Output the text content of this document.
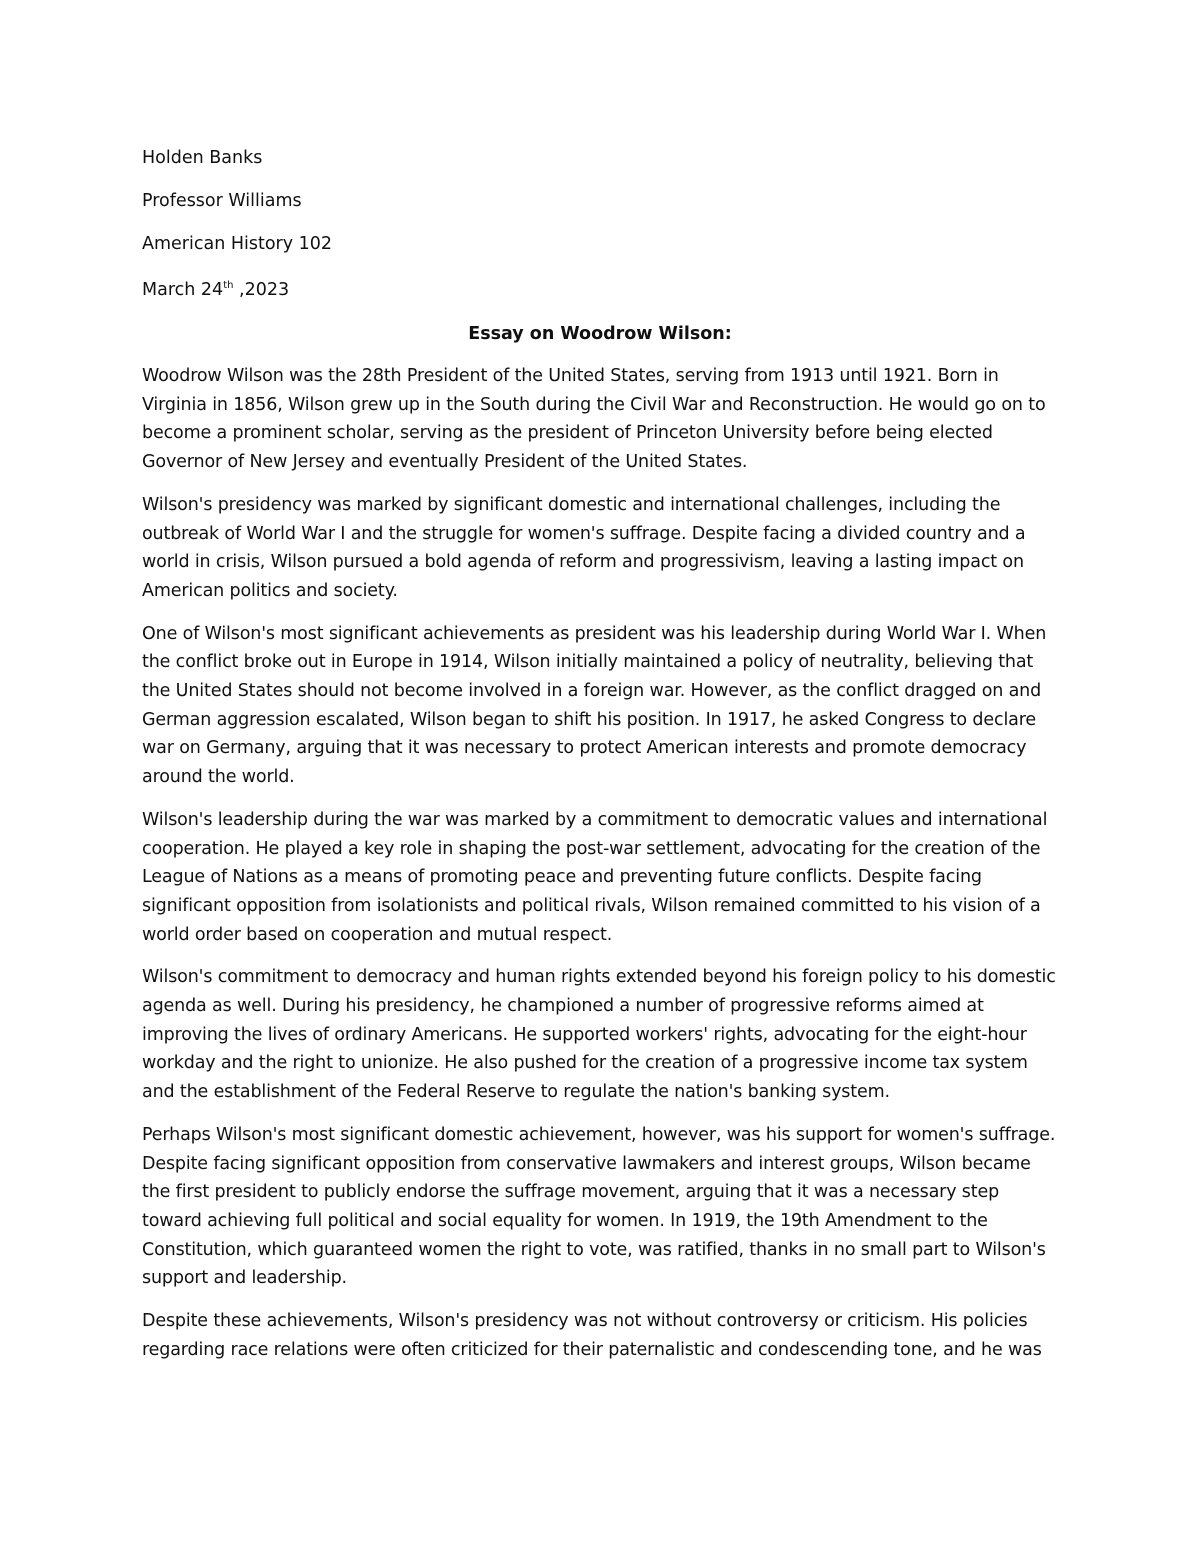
Holden Banks

Professor Williams

American History 102

March 24th ,2023

Essay on Woodrow Wilson:

Woodrow Wilson was the 28th President of the United States, serving from 1913 until 1921. Born in Virginia in 1856, Wilson grew up in the South during the Civil War and Reconstruction. He would go on to become a prominent scholar, serving as the president of Princeton University before being elected Governor of New Jersey and eventually President of the United States.

Wilson's presidency was marked by significant domestic and international challenges, including the outbreak of World War I and the struggle for women's suffrage. Despite facing a divided country and a world in crisis, Wilson pursued a bold agenda of reform and progressivism, leaving a lasting impact on American politics and society.

One of Wilson's most significant achievements as president was his leadership during World War I. When the conflict broke out in Europe in 1914, Wilson initially maintained a policy of neutrality, believing that the United States should not become involved in a foreign war. However, as the conflict dragged on and German aggression escalated, Wilson began to shift his position. In 1917, he asked Congress to declare war on Germany, arguing that it was necessary to protect American interests and promote democracy around the world.

Wilson's leadership during the war was marked by a commitment to democratic values and international cooperation. He played a key role in shaping the post-war settlement, advocating for the creation of the League of Nations as a means of promoting peace and preventing future conflicts. Despite facing significant opposition from isolationists and political rivals, Wilson remained committed to his vision of a world order based on cooperation and mutual respect.

Wilson's commitment to democracy and human rights extended beyond his foreign policy to his domestic agenda as well. During his presidency, he championed a number of progressive reforms aimed at improving the lives of ordinary Americans. He supported workers' rights, advocating for the eight-hour workday and the right to unionize. He also pushed for the creation of a progressive income tax system and the establishment of the Federal Reserve to regulate the nation's banking system.

Perhaps Wilson's most significant domestic achievement, however, was his support for women's suffrage. Despite facing significant opposition from conservative lawmakers and interest groups, Wilson became the first president to publicly endorse the suffrage movement, arguing that it was a necessary step toward achieving full political and social equality for women. In 1919, the 19th Amendment to the Constitution, which guaranteed women the right to vote, was ratified, thanks in no small part to Wilson's support and leadership.

Despite these achievements, Wilson's presidency was not without controversy or criticism. His policies regarding race relations were often criticized for their paternalistic and condescending tone, and he was
